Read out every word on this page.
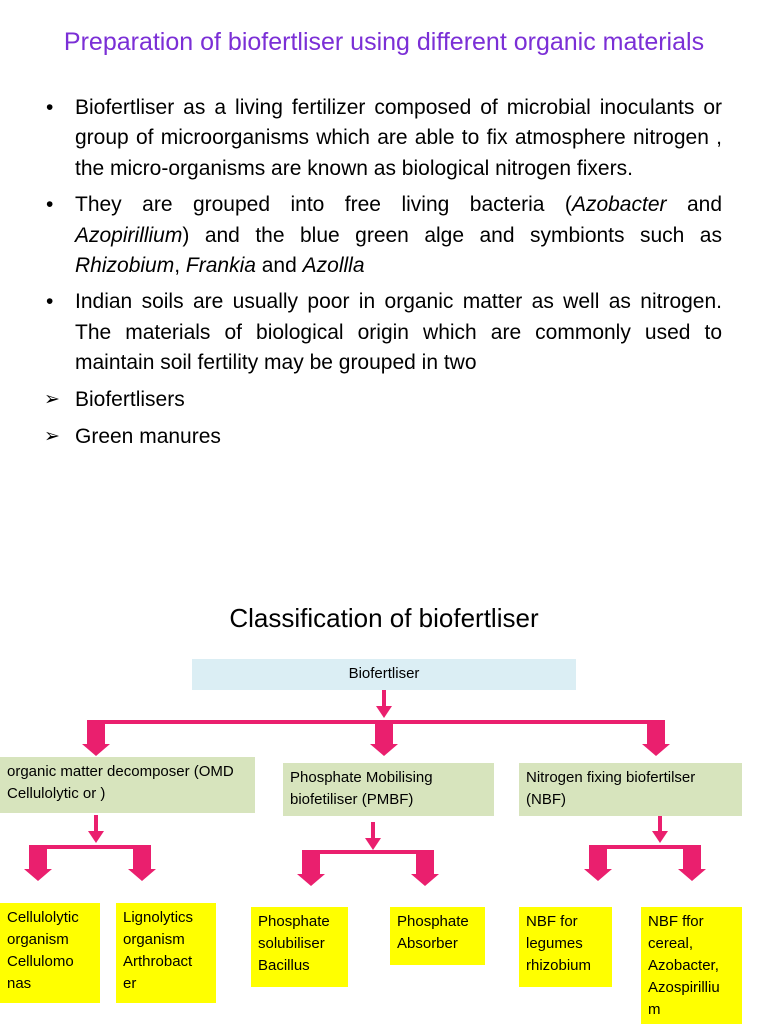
Preparation of biofertliser using different organic materials
• Biofertliser as a living fertilizer composed of microbial inoculants or group of microorganisms which are able to fix atmosphere nitrogen , the micro-organisms are known as biological nitrogen fixers.
• They are grouped into free living bacteria (Azobacter and Azopirillium) and the blue green alge and symbionts such as Rhizobium, Frankia and Azollla
• Indian soils are usually poor in organic matter as well as nitrogen. The materials of biological origin which are commonly used to maintain soil fertility may be grouped in two
➢ Biofertlisers
➢ Green manures
Classification of biofertliser
Biofertliser
organic matter decomposer (OMD Cellulolytic or )
Phosphate Mobilising biofetiliser (PMBF)
Nitrogen fixing biofertilser (NBF)
Cellulolytic organism Cellulomo nas
Lignolytics organism Arthrobact er
Phosphate solubiliser Bacillus
Phosphate Absorber
NBF for legumes rhizobium
NBF ffor cereal, Azobacter, Azospirilliu m
